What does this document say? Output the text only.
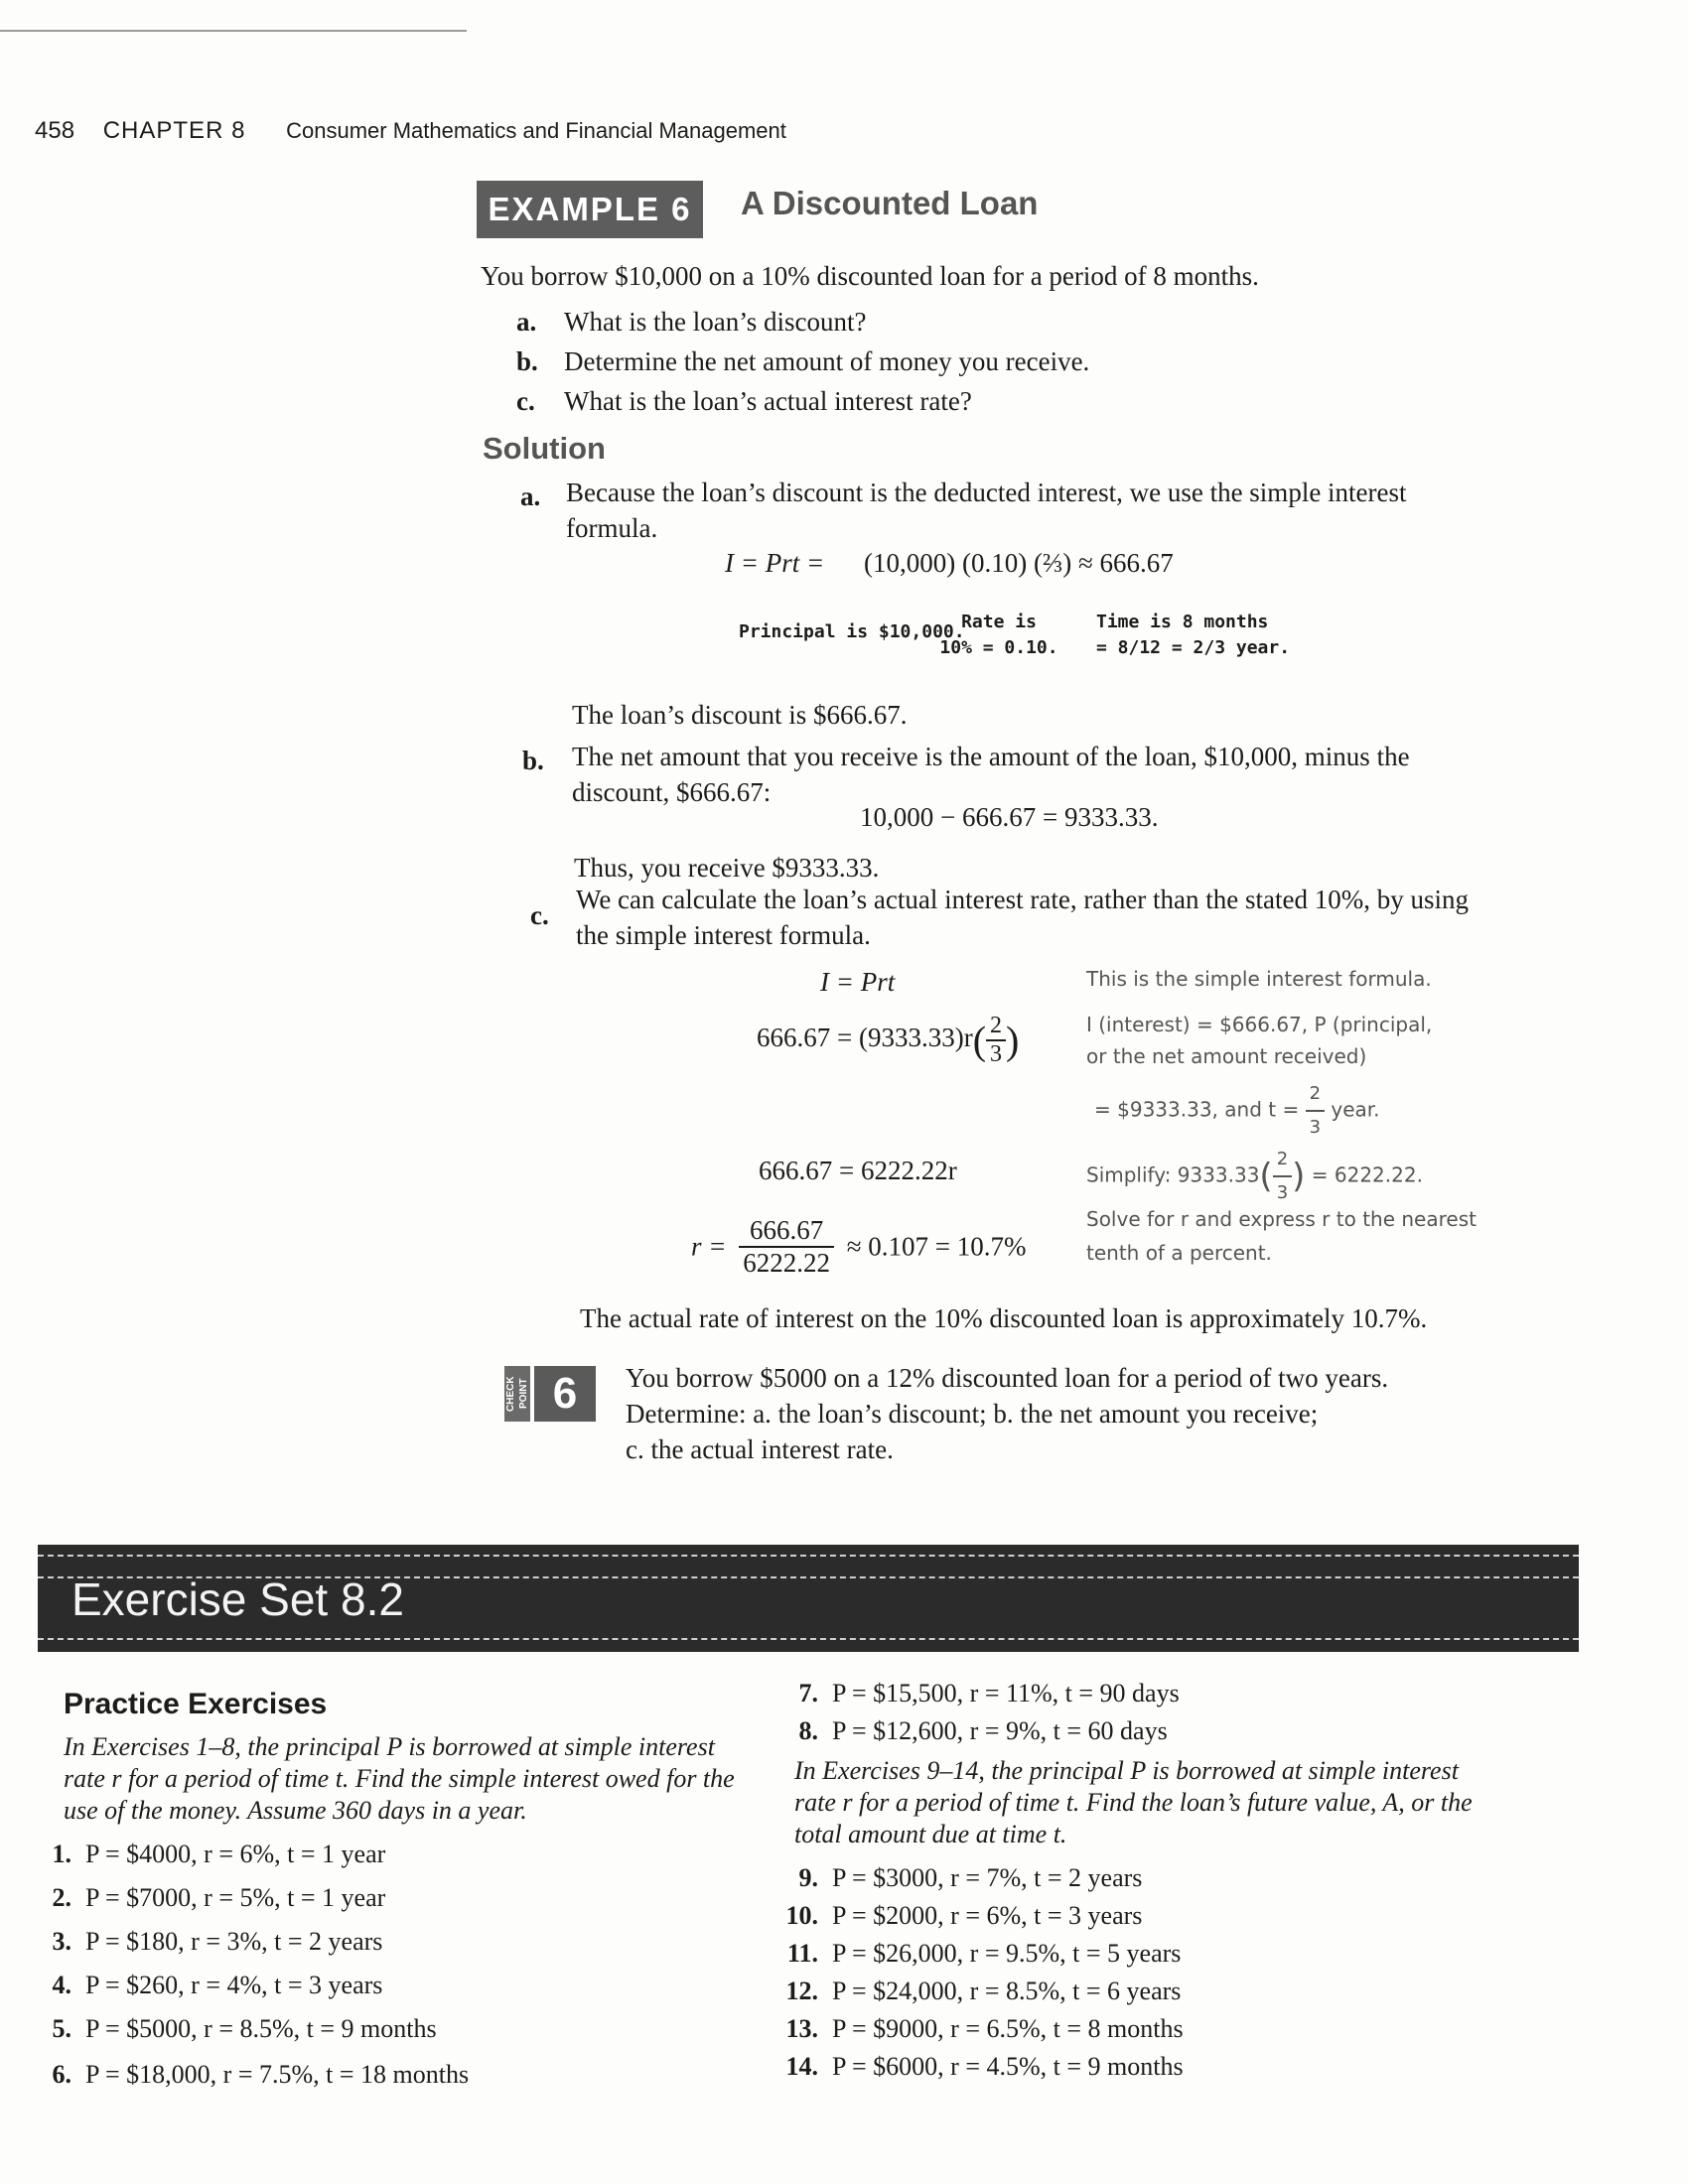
458 CHAPTER 8 Consumer Mathematics and Financial Management
EXAMPLE 6	A Discounted Loan
You borrow $10,000 on a 10% discounted loan for a period of 8 months.
a. What is the loan’s discount?
b. Determine the net amount of money you receive.
c. What is the loan’s actual interest rate?
Solution
a. Because the loan’s discount is the deducted interest, we use the simple interest formula.
I = Prt = (10,000) (0.10) (⅔) ≈ 666.67
Principal is $10,000.
Rate is
10% = 0.10.
Time is 8 months
= 8/12 = 2/3 year.
The loan’s discount is $666.67.
b. The net amount that you receive is the amount of the loan, $10,000, minus the discount, $666.67:
10,000 − 666.67 = 9333.33.
Thus, you receive $9333.33.
c.
We can calculate the loan’s actual interest rate, rather than the stated 10%, by using the simple interest formula.
I = Prt
$666.67 = (9333.33)r( \frac{2}{3}$ )
666.67 = 6222.22r
$r = \frac{666.67}{6222.22} \approx 0.107 = 10.7\%$
This is the simple interest formula.
I (interest) = $666.67, P (principal,
or the net amount received)
= $9333.33, and $t = \frac{2}{3}$ year.
Simplify: $9333.33( \frac{2}{3}$ ) = 6222.22.
Solve for r and express r to the nearest
tenth of a percent.
The actual rate of interest on the 10% discounted loan is approximately 10.7%.
CHECK POINT 6	You borrow $5000 on a 12% discounted loan for a period of two years.
Determine: a. the loan’s discount; b. the net amount you receive;
c. the actual interest rate.
Exercise Set 8.2
Practice Exercises
In Exercises 1–8, the principal P is borrowed at simple interest rate r for a period of time t. Find the simple interest owed for the use of the money. Assume 360 days in a year.
1. P = $4000, r = 6%, t = 1 year
2. P = $7000, r = 5%, t = 1 year
3. P = $180, r = 3%, t = 2 years
4. P = $260, r = 4%, t = 3 years
5. P = $5000, r = 8.5%, t = 9 months
6. P = $18,000, r = 7.5%, t = 18 months
7. P = $15,500, r = 11%, t = 90 days
8. P = $12,600, r = 9%, t = 60 days
In Exercises 9–14, the principal P is borrowed at simple interest rate r for a period of time t. Find the loan’s future value, A, or the total amount due at time t.
9. P = $3000, r = 7%, t = 2 years
10. P = $2000, r = 6%, t = 3 years
11. P = $26,000, r = 9.5%, t = 5 years
12. P = $24,000, r = 8.5%, t = 6 years
13. P = $9000, r = 6.5%, t = 8 months
14. P = $6000, r = 4.5%, t = 9 months
